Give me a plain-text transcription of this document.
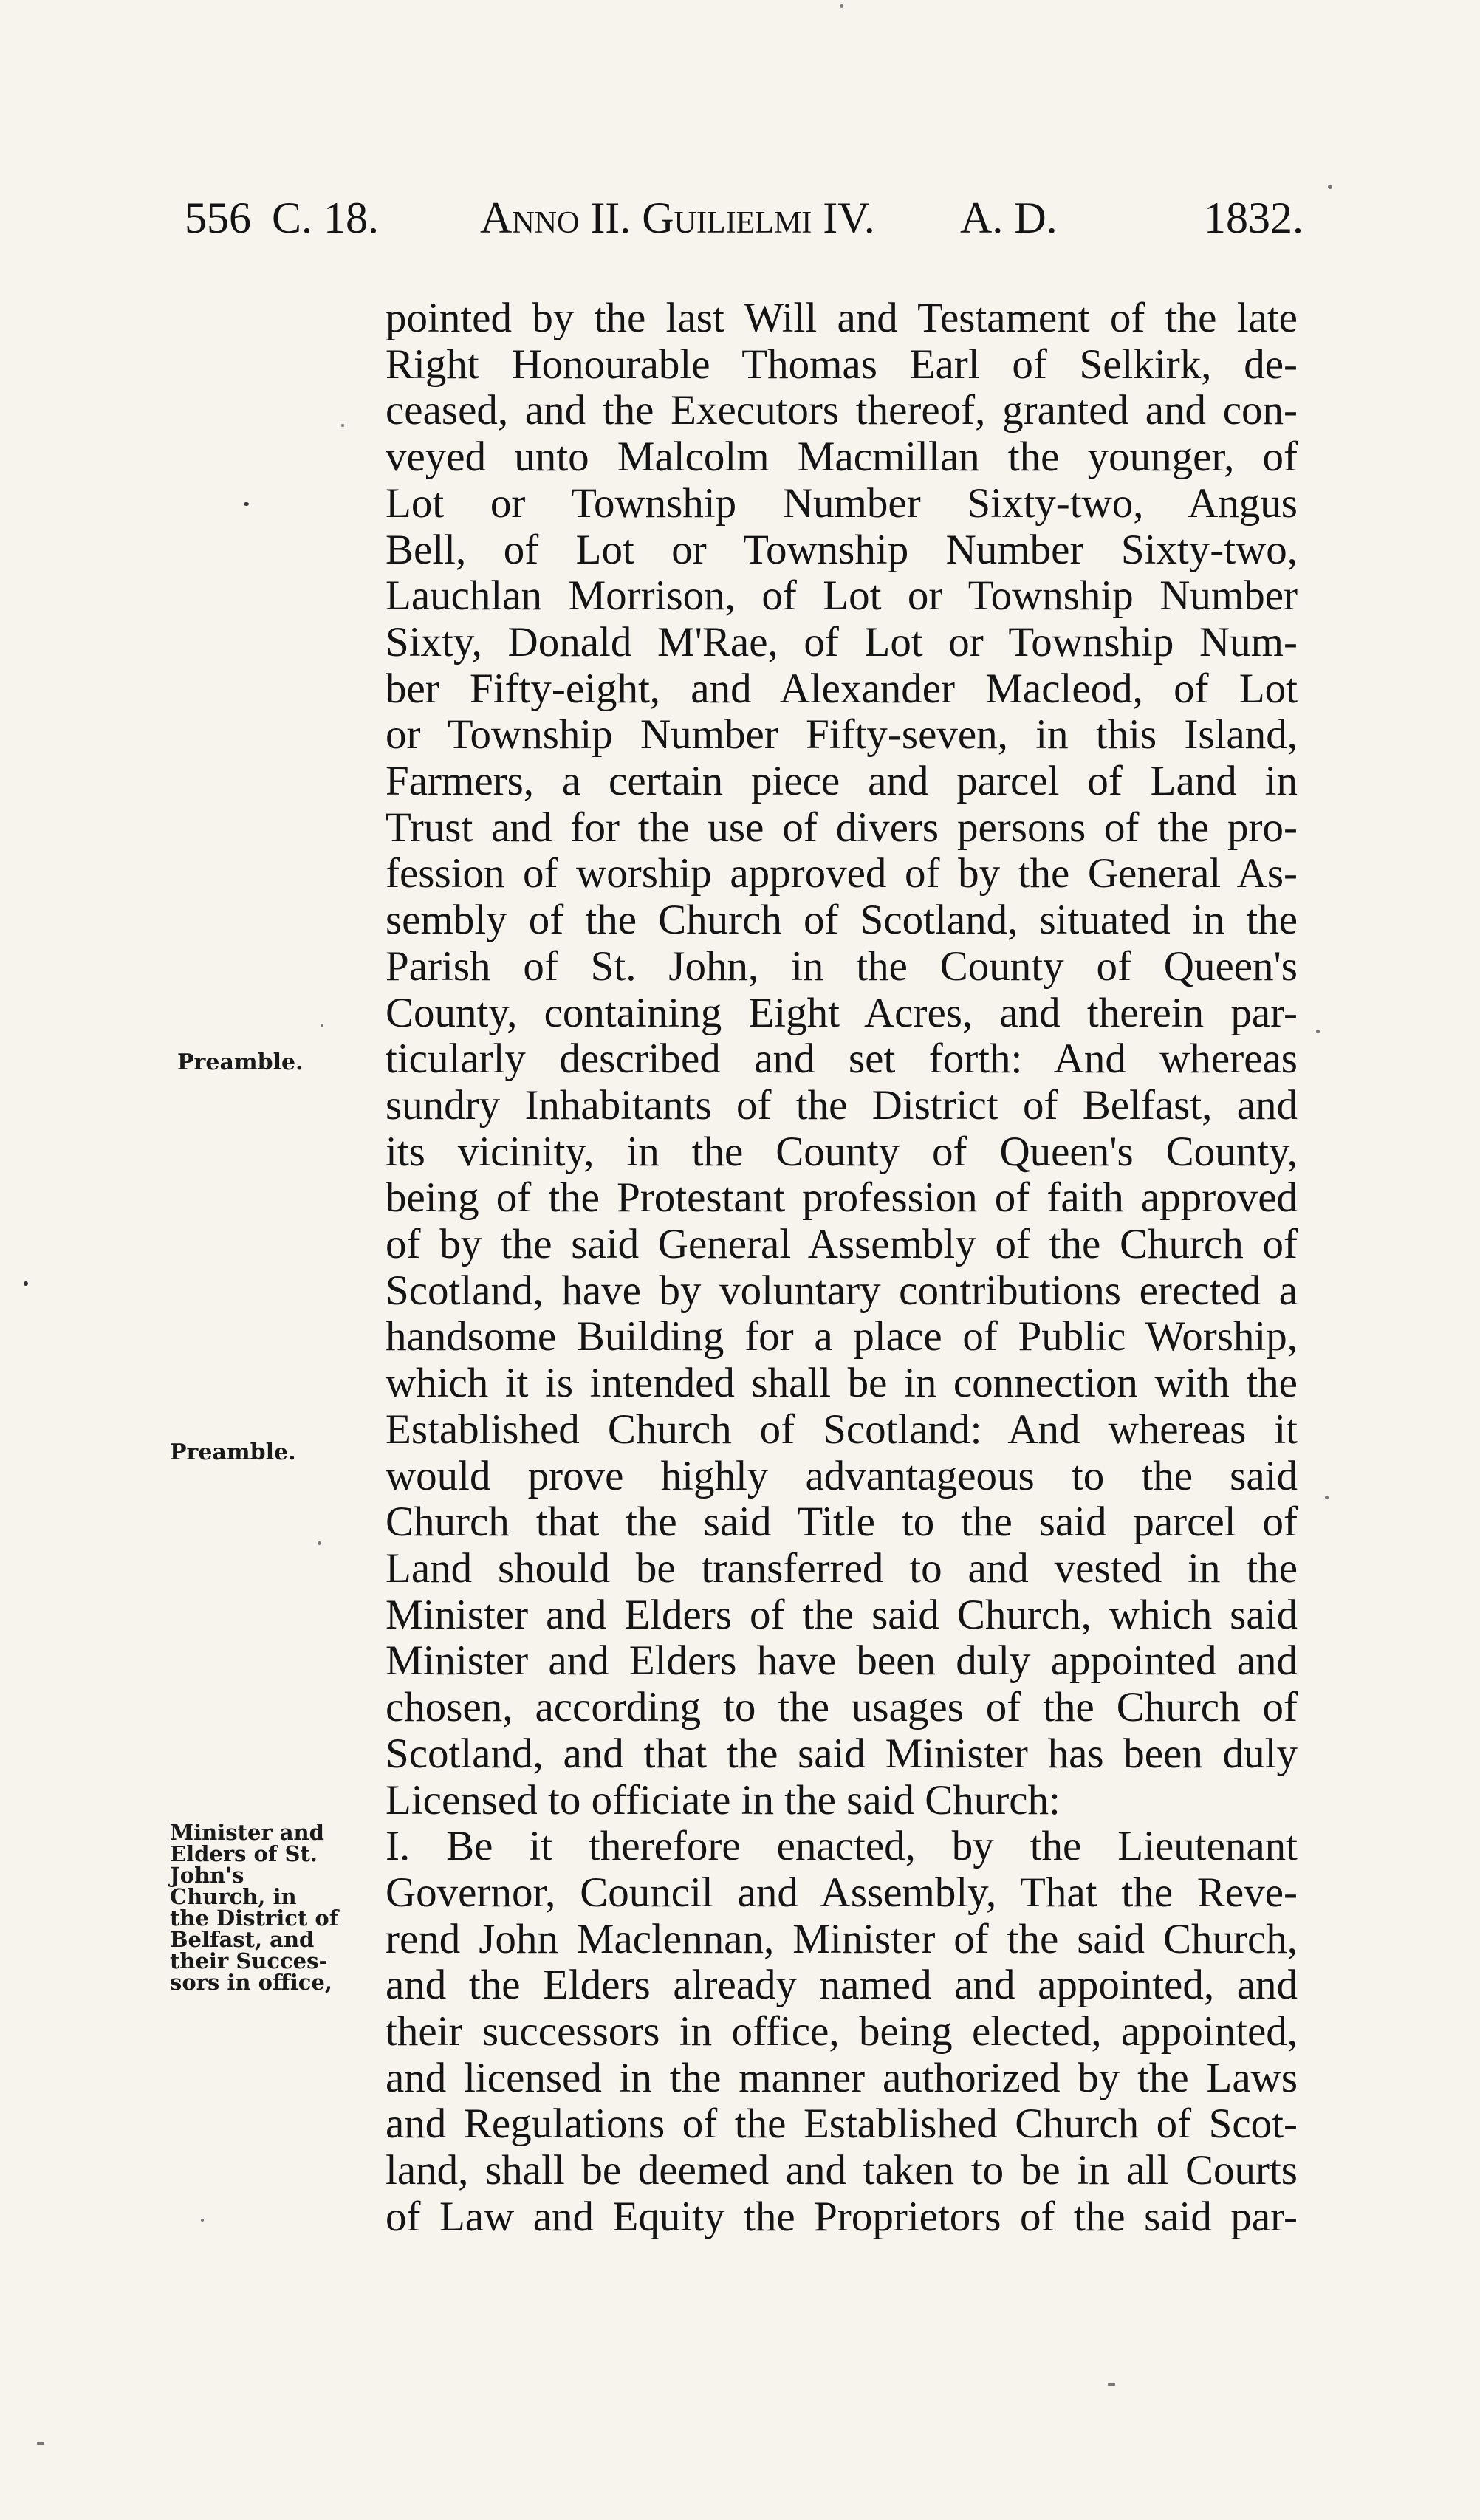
556 C. 18. Anno II. Guilielmi IV. A. D.	1832.
Preamble.
Preamble.
Minister and
Elders of St.
John's
Church, in
the District of
Belfast, and
their Succes-
sors in office,
pointed by the last Will and Testament of the late
Right Honourable Thomas Earl of Selkirk, de-
ceased, and the Executors thereof, granted and con-
veyed unto Malcolm Macmillan the younger, of
Lot or Township Number Sixty-two, Angus
Bell, of Lot or Township Number Sixty-two,
Lauchlan Morrison, of Lot or Township Number
Sixty, Donald M'Rae, of Lot or Township Num-
ber Fifty-eight, and Alexander Macleod, of Lot
or Township Number Fifty-seven, in this Island,
Farmers, a certain piece and parcel of Land in
Trust and for the use of divers persons of the pro-
fession of worship approved of by the General As-
sembly of the Church of Scotland, situated in the
Parish of St. John, in the County of Queen's
County, containing Eight Acres, and therein par-
ticularly described and set forth: And whereas
sundry Inhabitants of the District of Belfast, and
its vicinity, in the County of Queen's County,
being of the Protestant profession of faith approved
of by the said General Assembly of the Church of
Scotland, have by voluntary contributions erected a
handsome Building for a place of Public Worship,
which it is intended shall be in connection with the
Established Church of Scotland: And whereas it
would prove highly advantageous to the said
Church that the said Title to the said parcel of
Land should be transferred to and vested in the
Minister and Elders of the said Church, which said
Minister and Elders have been duly appointed and
chosen, according to the usages of the Church of
Scotland, and that the said Minister has been duly
Licensed to officiate in the said Church:
I. Be it therefore enacted, by the Lieutenant
Governor, Council and Assembly, That the Reve-
rend John Maclennan, Minister of the said Church,
and the Elders already named and appointed, and
their successors in office, being elected, appointed,
and licensed in the manner authorized by the Laws
and Regulations of the Established Church of Scot-
land, shall be deemed and taken to be in all Courts
of Law and Equity the Proprietors of the said par-
